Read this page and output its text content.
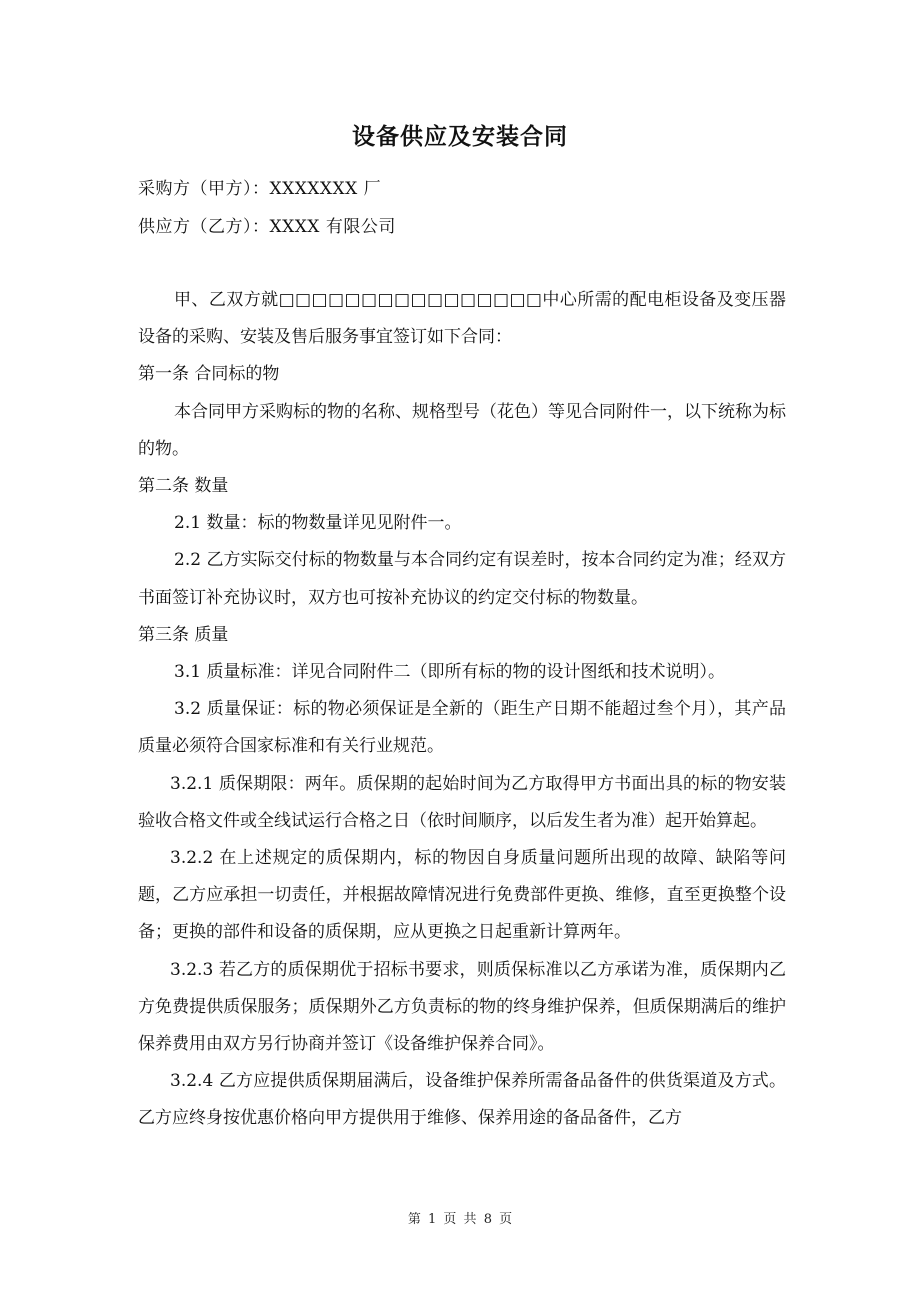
设备供应及安装合同
采购方（甲方）：XXXXXXX 厂
供应方（乙方）：XXXX 有限公司

甲、乙双方就□□□□□□□□□□□□□□□□中心所需的配电柜设备及变压器设备的采购、安装及售后服务事宜签订如下合同：

第一条 合同标的物

本合同甲方采购标的物的名称、规格型号（花色）等见合同附件一，以下统称为标的物。

第二条 数量

2.1 数量：标的物数量详见见附件一。

2.2 乙方实际交付标的物数量与本合同约定有误差时，按本合同约定为准；经双方书面签订补充协议时，双方也可按补充协议的约定交付标的物数量。

第三条 质量

3.1 质量标准：详见合同附件二（即所有标的物的设计图纸和技术说明）。

3.2 质量保证：标的物必须保证是全新的（距生产日期不能超过叁个月），其产品质量必须符合国家标准和有关行业规范。

3.2.1 质保期限：两年。质保期的起始时间为乙方取得甲方书面出具的标的物安装验收合格文件或全线试运行合格之日（依时间顺序，以后发生者为准）起开始算起。

3.2.2 在上述规定的质保期内，标的物因自身质量问题所出现的故障、缺陷等问题，乙方应承担一切责任，并根据故障情况进行免费部件更换、维修，直至更换整个设备；更换的部件和设备的质保期，应从更换之日起重新计算两年。

3.2.3 若乙方的质保期优于招标书要求，则质保标准以乙方承诺为准，质保期内乙方免费提供质保服务；质保期外乙方负责标的物的终身维护保养，但质保期满后的维护保养费用由双方另行协商并签订《设备维护保养合同》。

3.2.4 乙方应提供质保期届满后，设备维护保养所需备品备件的供货渠道及方式。乙方应终身按优惠价格向甲方提供用于维修、保养用途的备品备件，乙方

第 1 页 共 8 页
